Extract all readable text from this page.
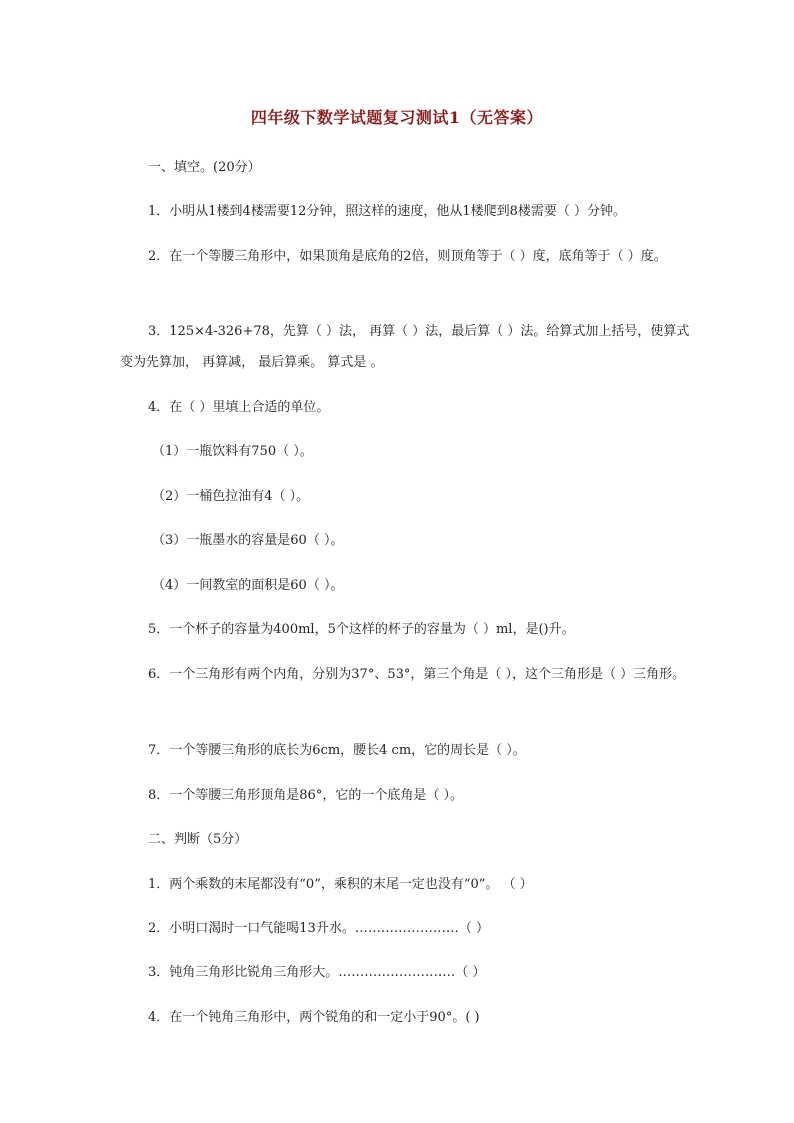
四年级下数学试题复习测试1（无答案）
一、填空。(20分）
1．小明从1楼到4楼需要12分钟，照这样的速度，他从1楼爬到8楼需要（ ）分钟。
2．在一个等腰三角形中，如果顶角是底角的2倍，则顶角等于（ ）度，底角等于（ ）度。
3．125×4-326+78，先算（ ）法， 再算（ ）法，最后算（ ）法。给算式加上括号，使算式变为先算加， 再算减， 最后算乘。 算式是 。
4．在（ ）里填上合适的单位。
（1）一瓶饮料有750（ ）。
（2）一桶色拉油有4（ ）。
（3）一瓶墨水的容量是60（ ）。
（4）一间教室的面积是60（ ）。
5．一个杯子的容量为400ml，5个这样的杯子的容量为（ ）ml，是()升。
6．一个三角形有两个内角，分别为37°、53°，第三个角是（ ），这个三角形是（ ）三角形。
7．一个等腰三角形的底长为6cm，腰长4 cm，它的周长是（ ）。
8．一个等腰三角形顶角是86°，它的一个底角是（ ）。
二、判断（5分）
1．两个乘数的末尾都没有“0”，乘积的末尾一定也没有“0”。 （ ）
2．小明口渴时一口气能喝13升水。……………………（ ）
3．钝角三角形比锐角三角形大。………………………（ ）
4．在一个钝角三角形中，两个锐角的和一定小于90°。( )
